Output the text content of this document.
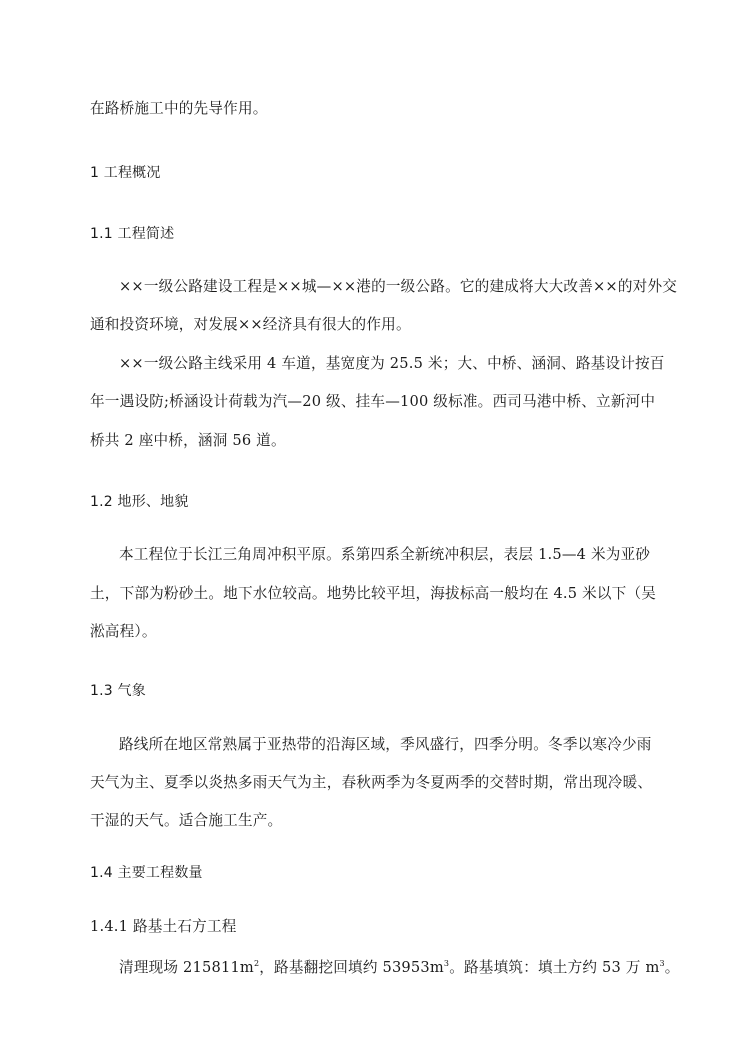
在路桥施工中的先导作用。
1 工程概况
1.1 工程简述
××一级公路建设工程是××城—××港的一级公路。它的建成将大大改善××的对外交
通和投资环境，对发展××经济具有很大的作用。
××一级公路主线采用 4 车道，基宽度为 25.5 米；大、中桥、涵洞、路基设计按百
年一遇设防;桥涵设计荷载为汽—20 级、挂车—100 级标准。西司马港中桥、立新河中
桥共 2 座中桥，涵洞 56 道。
1.2 地形、地貌
本工程位于长江三角周冲积平原。系第四系全新统冲积层，表层 1.5—4 米为亚砂
土，下部为粉砂土。地下水位较高。地势比较平坦，海拔标高一般均在 4.5 米以下（吴
淞高程）。
1.3 气象
路线所在地区常熟属于亚热带的沿海区域，季风盛行，四季分明。冬季以寒冷少雨
天气为主、夏季以炎热多雨天气为主，春秋两季为冬夏两季的交替时期，常出现冷暖、
干湿的天气。适合施工生产。
1.4 主要工程数量
1.4.1 路基土石方工程
清理现场 $215811m^2$，路基翻挖回填约 $53953m^3$。路基填筑：填土方约 53 万 $m^3$。
